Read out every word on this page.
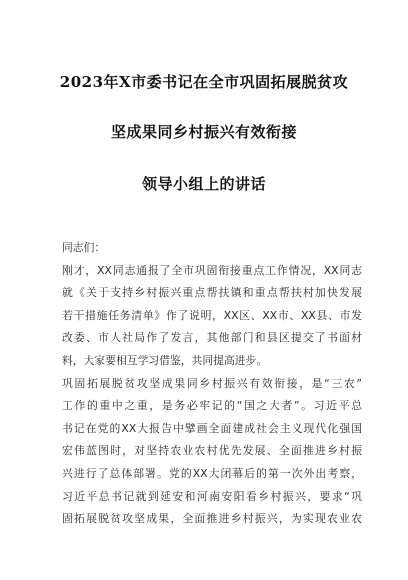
2023年X市委书记在全市巩固拓展脱贫攻
坚成果同乡村振兴有效衔接
领导小组上的讲话
同志们：
刚才，XX同志通报了全市巩固衔接重点工作情况，XX同志
就《关于支持乡村振兴重点帮扶镇和重点帮扶村加快发展
若干措施任务清单》作了说明，XX区、XX市、XX县、市发
改委、市人社局作了发言，其他部门和县区提交了书面材
料，大家要相互学习借鉴，共同提高进步。
巩固拓展脱贫攻坚成果同乡村振兴有效衔接，是“三农”
工作的重中之重，是务必牢记的“国之大者”。习近平总
书记在党的XX大报告中擘画全面建成社会主义现代化强国
宏伟蓝图时，对坚持农业农村优先发展、全面推进乡村振
兴进行了总体部署。党的XX大闭幕后的第一次外出考察，
习近平总书记就到延安和河南安阳看乡村振兴，要求“巩
固拓展脱贫攻坚成果，全面推进乡村振兴，为实现农业农
